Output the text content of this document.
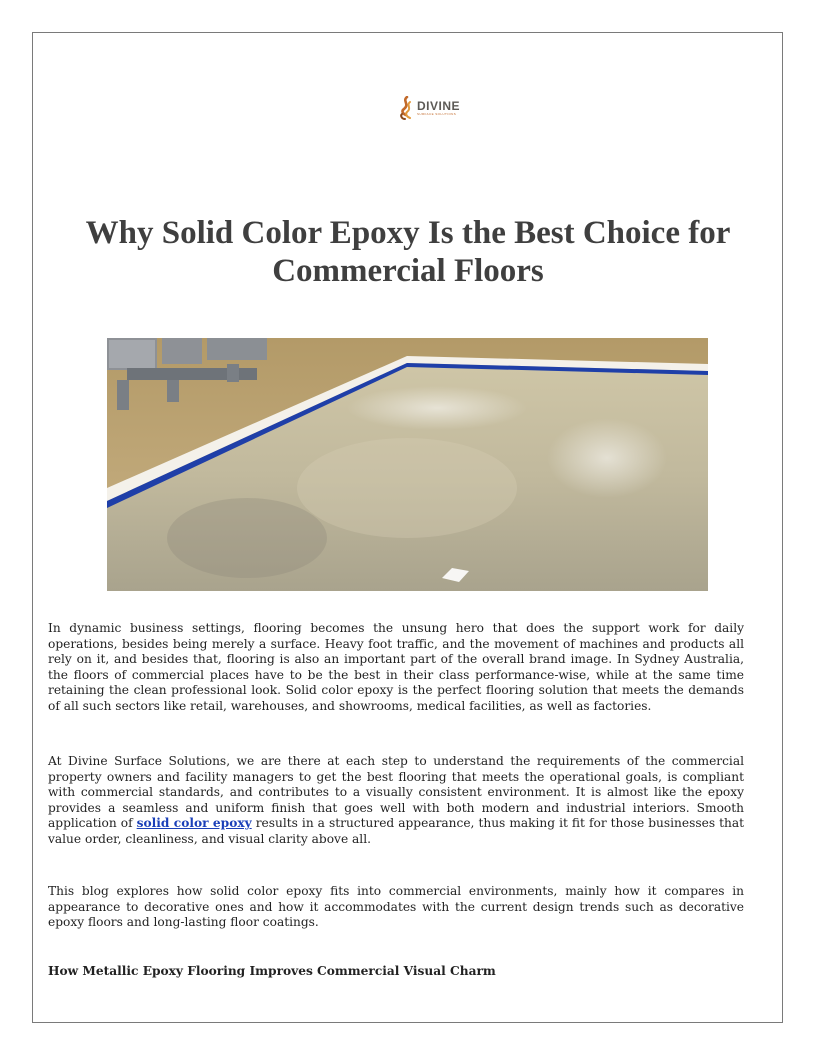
DIVINE
SURFACE SOLUTIONS
Why Solid Color Epoxy Is the Best Choice for Commercial Floors

In dynamic business settings, flooring becomes the unsung hero that does the support work for daily operations, besides being merely a surface. Heavy foot traffic, and the movement of machines and products all rely on it, and besides that, flooring is also an important part of the overall brand image. In Sydney Australia, the floors of commercial places have to be the best in their class performance-wise, while at the same time retaining the clean professional look. Solid color epoxy is the perfect flooring solution that meets the demands of all such sectors like retail, warehouses, and showrooms, medical facilities, as well as factories.

At Divine Surface Solutions, we are there at each step to understand the requirements of the commercial property owners and facility managers to get the best flooring that meets the operational goals, is compliant with commercial standards, and contributes to a visually consistent environment. It is almost like the epoxy provides a seamless and uniform finish that goes well with both modern and industrial interiors. Smooth application of solid color epoxy results in a structured appearance, thus making it fit for those businesses that value order, cleanliness, and visual clarity above all.

This blog explores how solid color epoxy fits into commercial environments, mainly how it compares in appearance to decorative ones and how it accommodates with the current design trends such as decorative epoxy floors and long-lasting floor coatings.

How Metallic Epoxy Flooring Improves Commercial Visual Charm
